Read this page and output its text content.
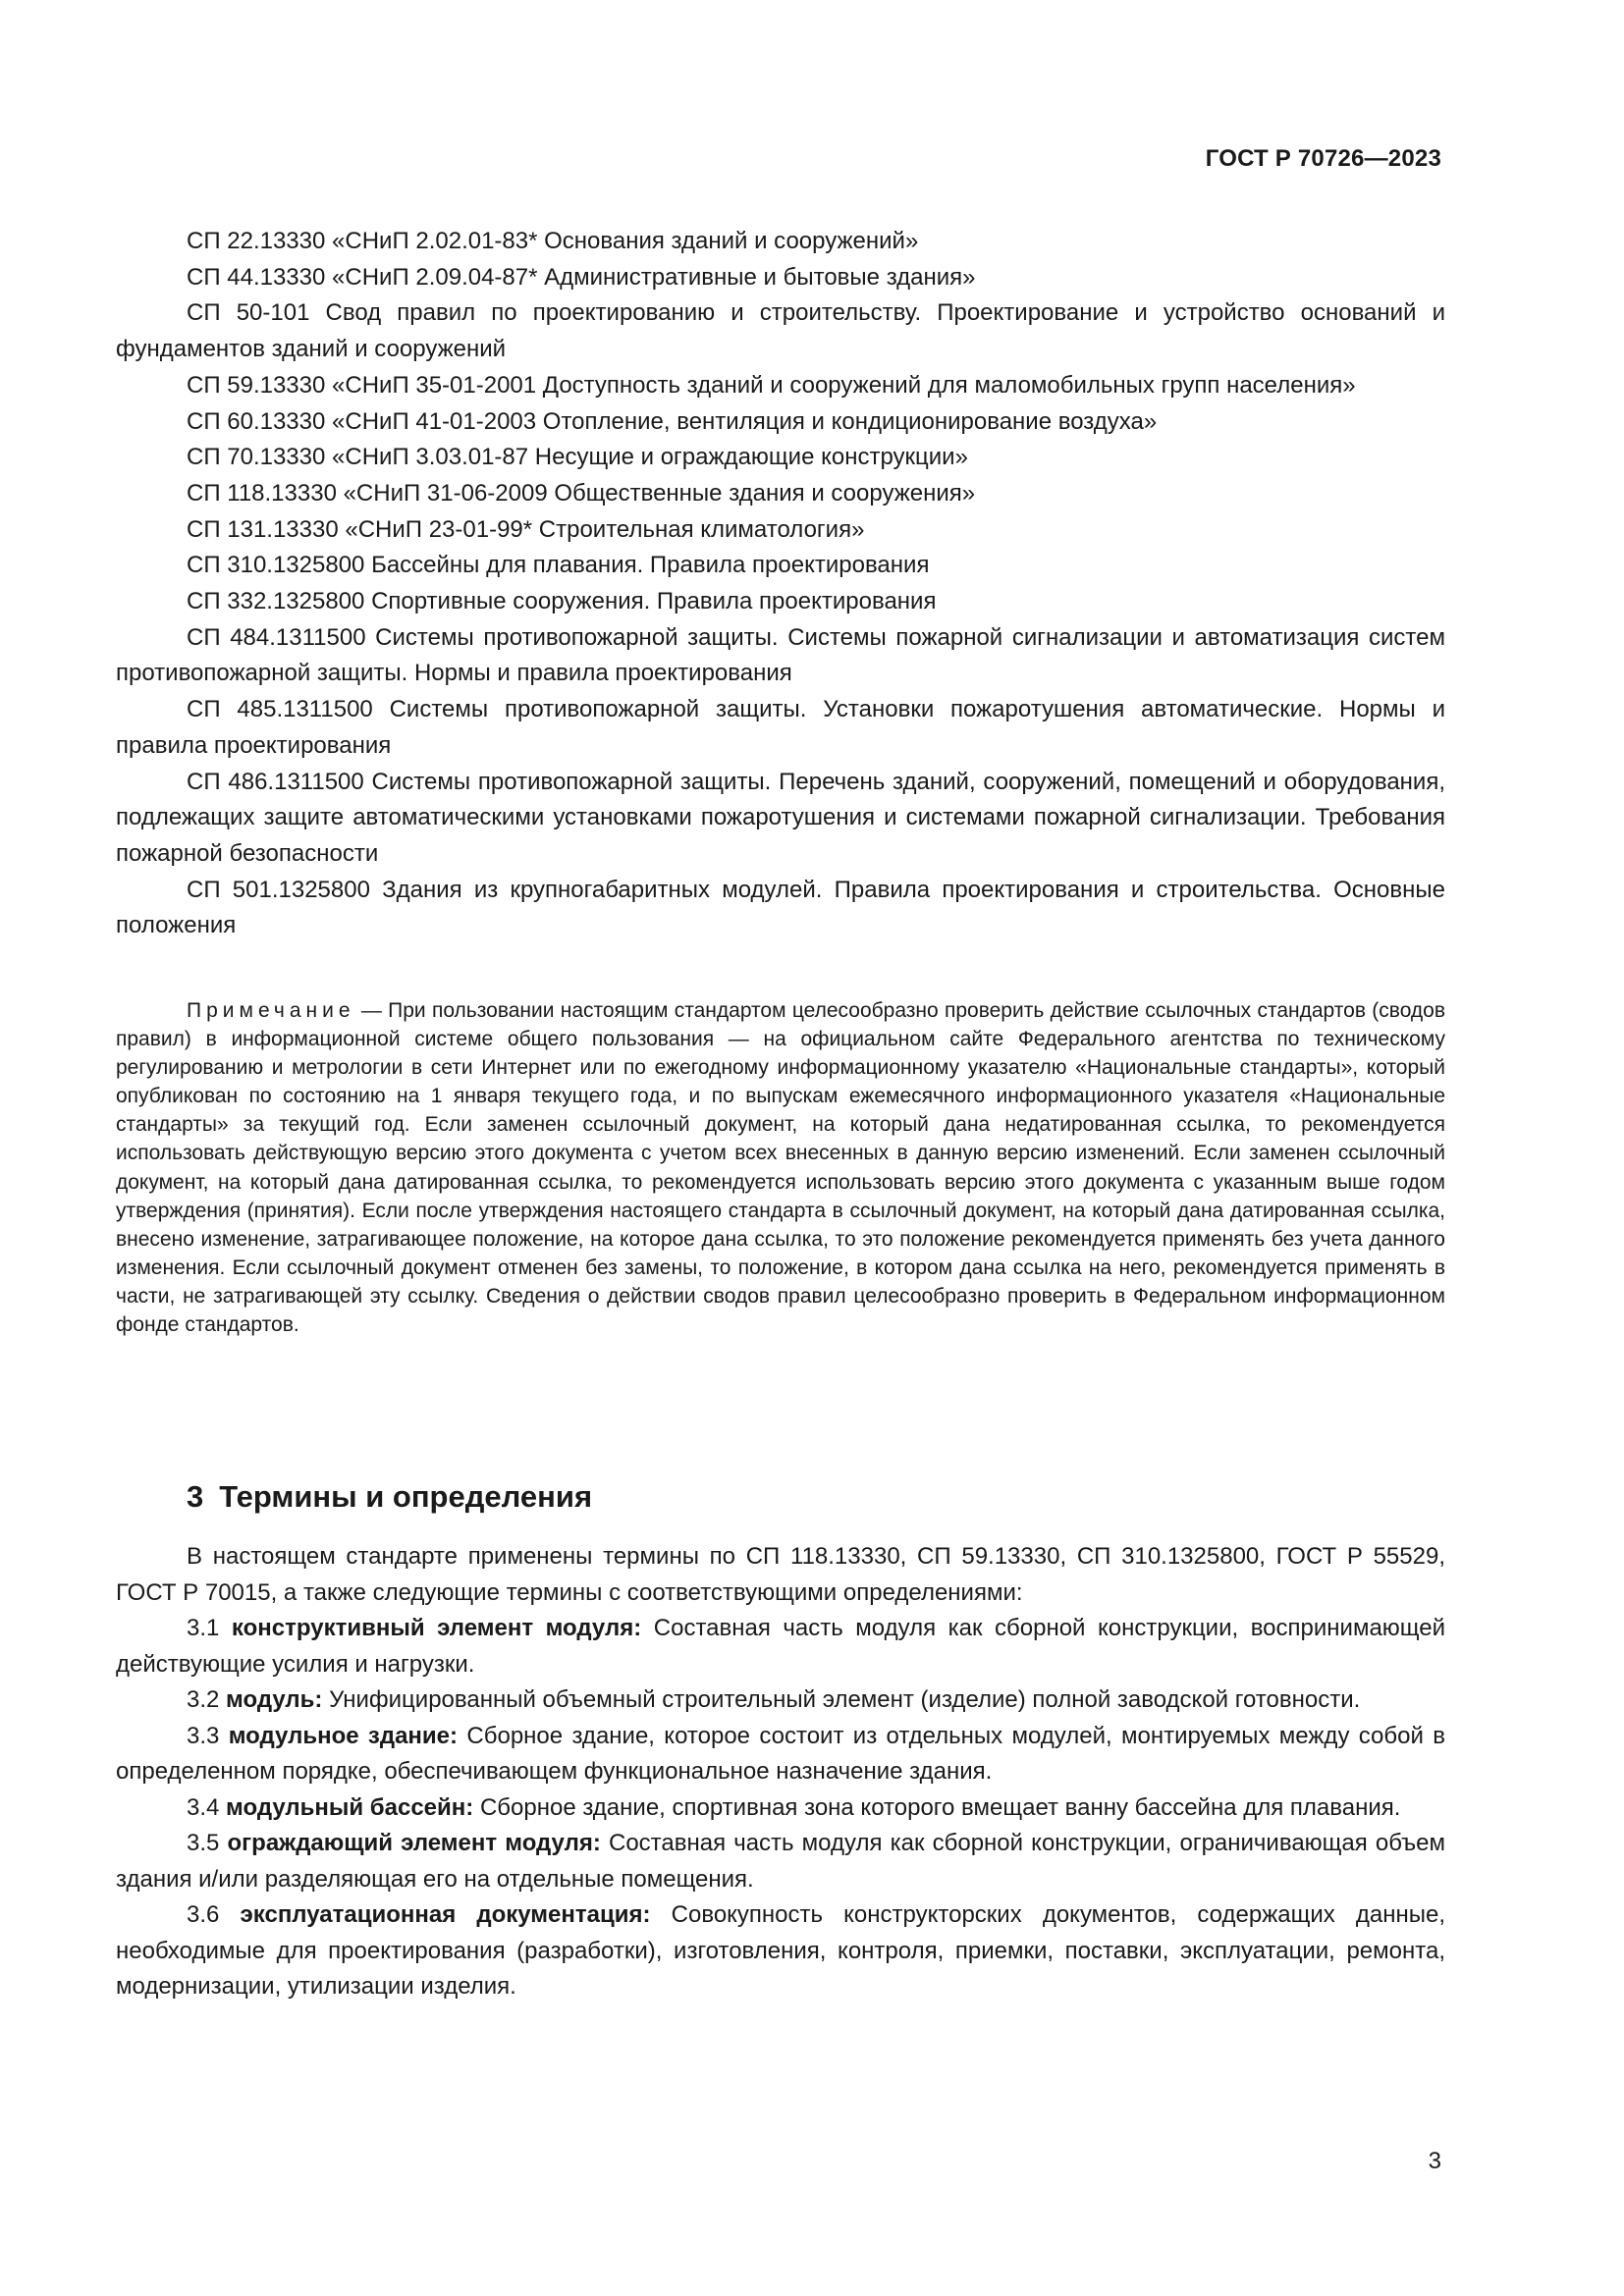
ГОСТ Р 70726—2023

СП 22.13330 «СНиП 2.02.01-83* Основания зданий и сооружений»

СП 44.13330 «СНиП 2.09.04-87* Административные и бытовые здания»

СП 50-101 Свод правил по проектированию и строительству. Проектирование и устройство оснований и фундаментов зданий и сооружений

СП 59.13330 «СНиП 35-01-2001 Доступность зданий и сооружений для маломобильных групп населения»

СП 60.13330 «СНиП 41-01-2003 Отопление, вентиляция и кондиционирование воздуха»

СП 70.13330 «СНиП 3.03.01-87 Несущие и ограждающие конструкции»

СП 118.13330 «СНиП 31-06-2009 Общественные здания и сооружения»

СП 131.13330 «СНиП 23-01-99* Строительная климатология»

СП 310.1325800 Бассейны для плавания. Правила проектирования

СП 332.1325800 Спортивные сооружения. Правила проектирования

СП 484.1311500 Системы противопожарной защиты. Системы пожарной сигнализации и автоматизация систем противопожарной защиты. Нормы и правила проектирования

СП 485.1311500 Системы противопожарной защиты. Установки пожаротушения автоматические. Нормы и правила проектирования

СП 486.1311500 Системы противопожарной защиты. Перечень зданий, сооружений, помещений и оборудования, подлежащих защите автоматическими установками пожаротушения и системами пожарной сигнализации. Требования пожарной безопасности

СП 501.1325800 Здания из крупногабаритных модулей. Правила проектирования и строительства. Основные положения

Примечание — При пользовании настоящим стандартом целесообразно проверить действие ссылочных стандартов (сводов правил) в информационной системе общего пользования — на официальном сайте Федерального агентства по техническому регулированию и метрологии в сети Интернет или по ежегодному информационному указателю «Национальные стандарты», который опубликован по состоянию на 1 января текущего года, и по выпускам ежемесячного информационного указателя «Национальные стандарты» за текущий год. Если заменен ссылочный документ, на который дана недатированная ссылка, то рекомендуется использовать действующую версию этого документа с учетом всех внесенных в данную версию изменений. Если заменен ссылочный документ, на который дана датированная ссылка, то рекомендуется использовать версию этого документа с указанным выше годом утверждения (принятия). Если после утверждения настоящего стандарта в ссылочный документ, на который дана датированная ссылка, внесено изменение, затрагивающее положение, на которое дана ссылка, то это положение рекомендуется применять без учета данного изменения. Если ссылочный документ отменен без замены, то положение, в котором дана ссылка на него, рекомендуется применять в части, не затрагивающей эту ссылку. Сведения о действии сводов правил целесообразно проверить в Федеральном информационном фонде стандартов.

3 Термины и определения

В настоящем стандарте применены термины по СП 118.13330, СП 59.13330, СП 310.1325800, ГОСТ Р 55529, ГОСТ Р 70015, а также следующие термины с соответствующими определениями:

3.1 конструктивный элемент модуля: Составная часть модуля как сборной конструкции, воспринимающей действующие усилия и нагрузки.

3.2 модуль: Унифицированный объемный строительный элемент (изделие) полной заводской готовности.

3.3 модульное здание: Сборное здание, которое состоит из отдельных модулей, монтируемых между собой в определенном порядке, обеспечивающем функциональное назначение здания.

3.4 модульный бассейн: Сборное здание, спортивная зона которого вмещает ванну бассейна для плавания.

3.5 ограждающий элемент модуля: Составная часть модуля как сборной конструкции, ограничивающая объем здания и/или разделяющая его на отдельные помещения.

3.6 эксплуатационная документация: Совокупность конструкторских документов, содержащих данные, необходимые для проектирования (разработки), изготовления, контроля, приемки, поставки, эксплуатации, ремонта, модернизации, утилизации изделия.

3
